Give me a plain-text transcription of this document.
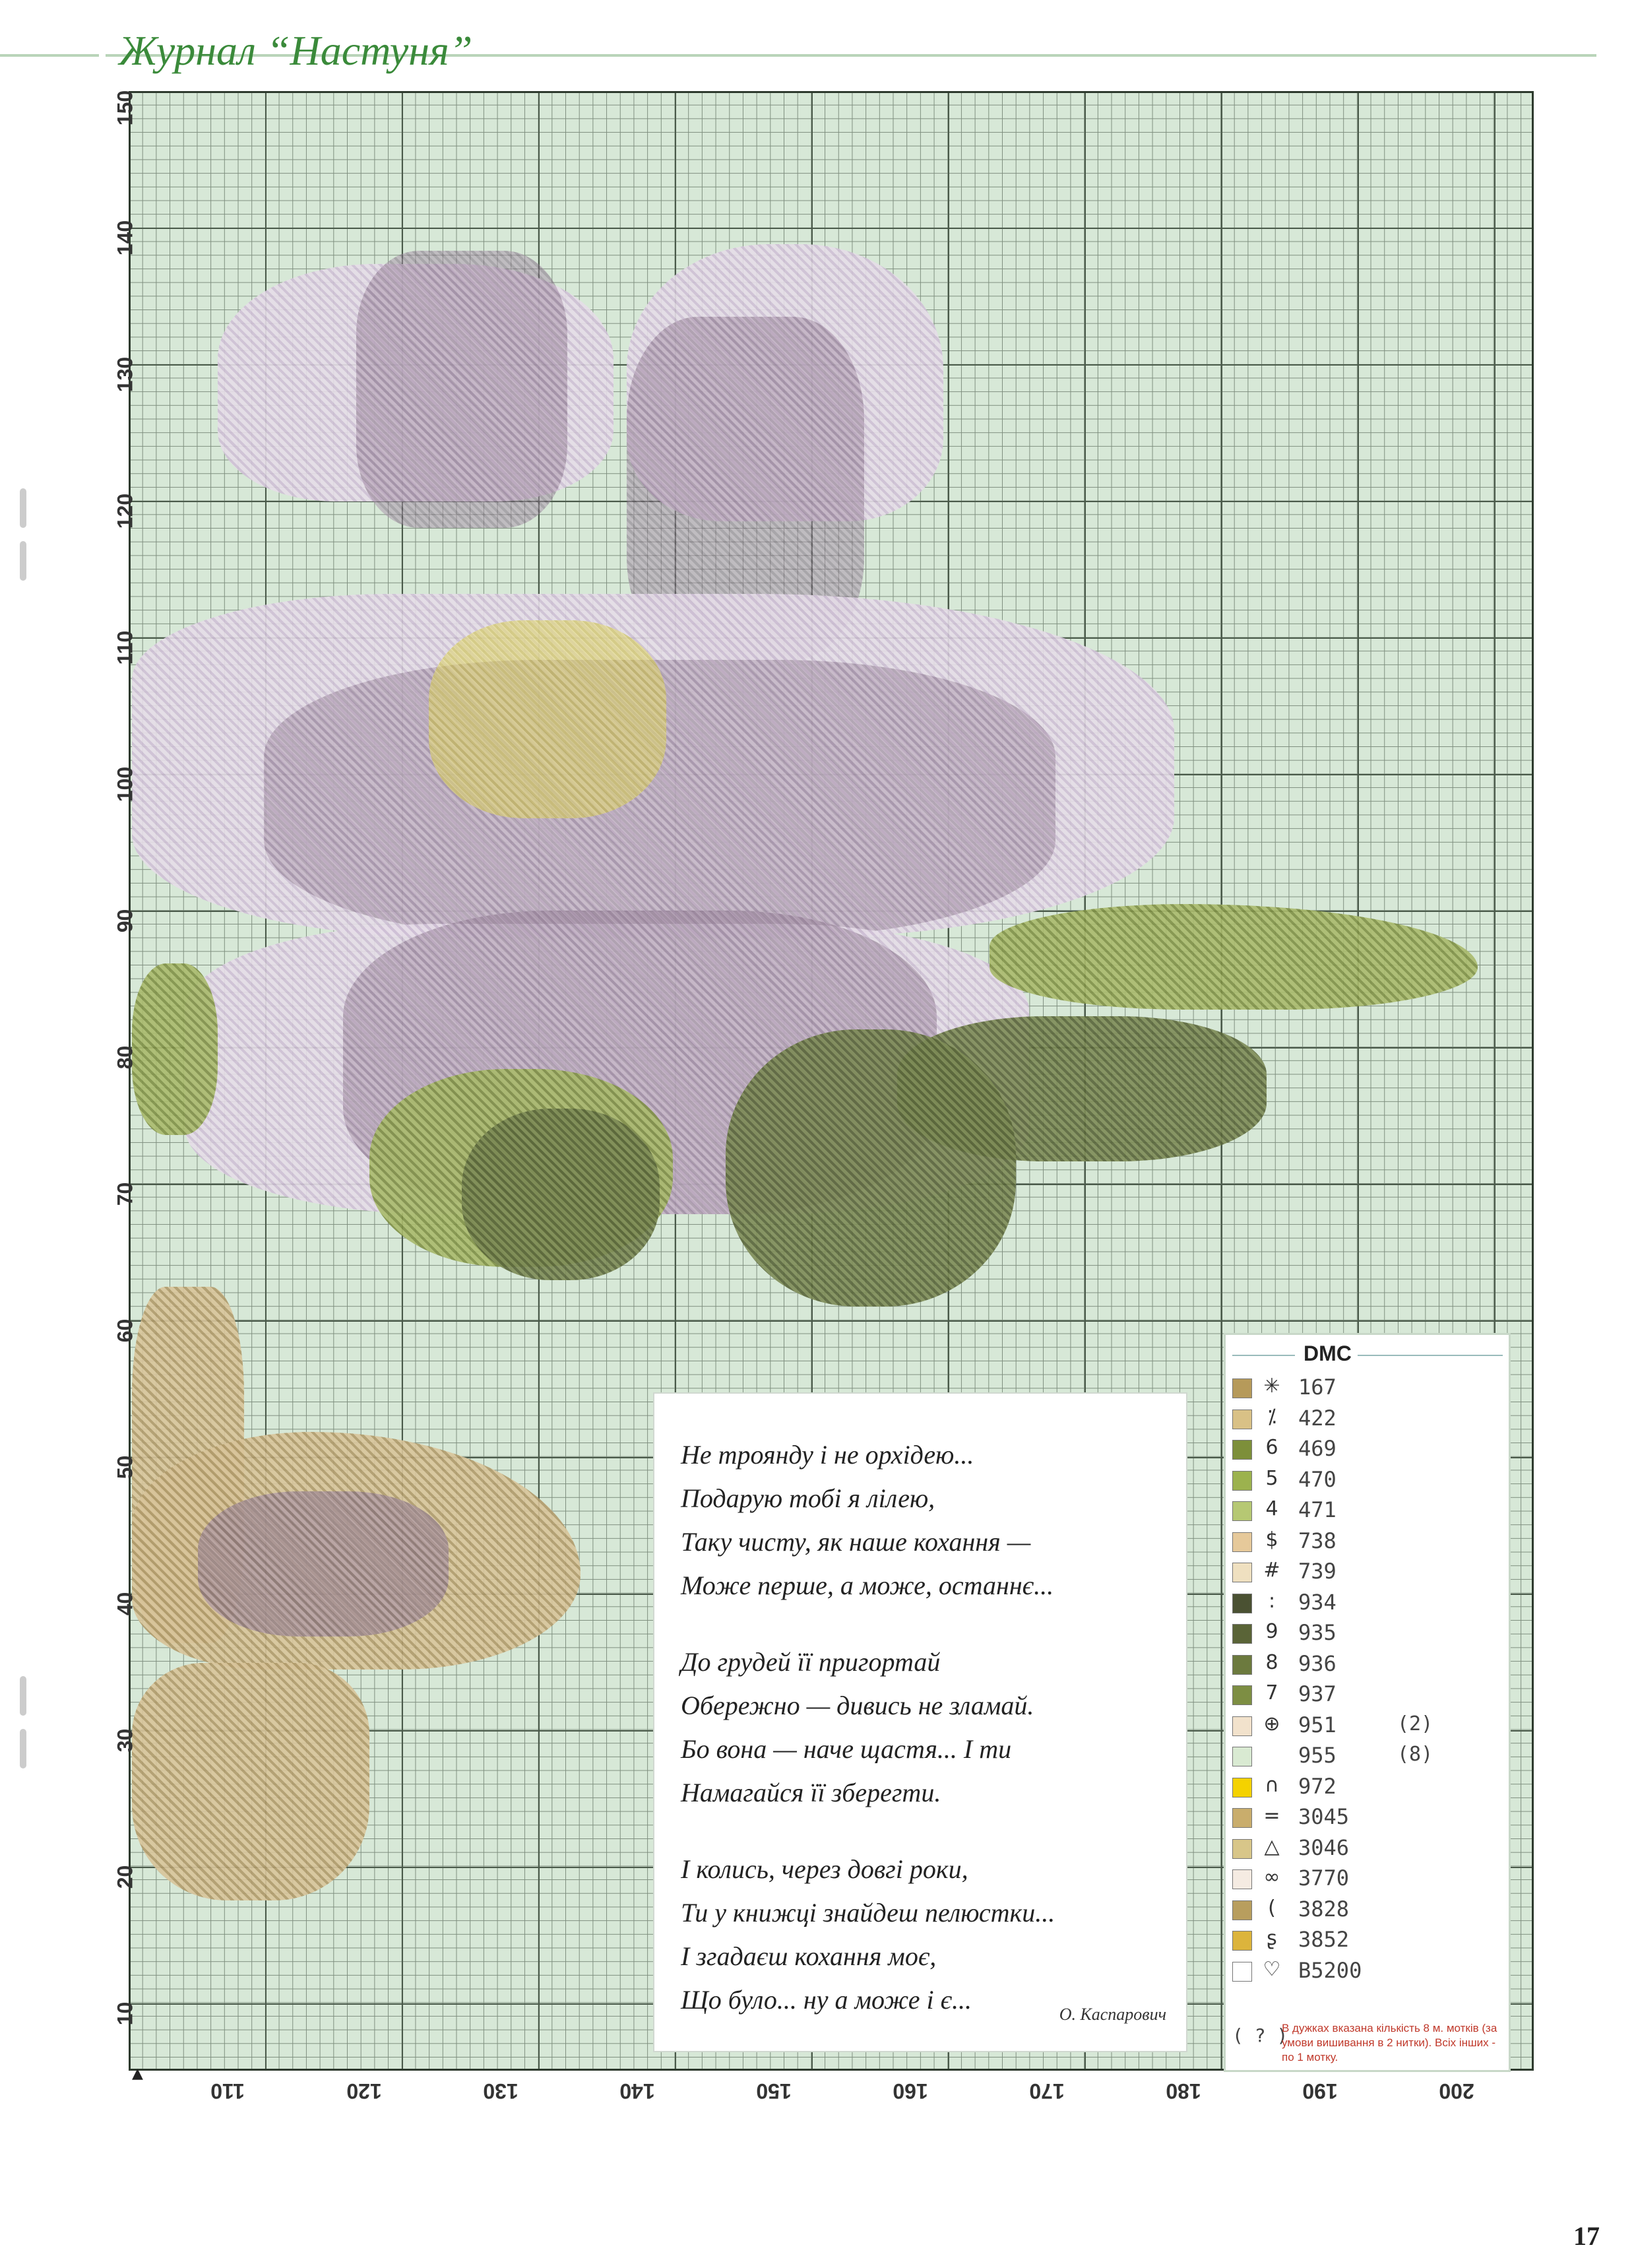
Журнал “Настуня”
150
140
130
120
110
100
90
80
70
60
50
40
30
20
10
110	120	130	140	150	160	170	180	190	200
▲
Не троянду і не орхідею...
Подарую тобі я лілею,
Таку чисту, як наше кохання —
Може перше, а може, останнє...
До грудей її пригортай
Обережно — дивись не зламай.
Бо вона — наче щастя... І ти
Намагайся її зберегти.
І колись, через довгі роки,
Ти у книжці знайдеш пелюстки...
І згадаєш кохання моє,
Що було... ну а може і є...	О. Каспарович
DMC
✳ 167
⁒	422
6 469
5 470
4 471
$ 738
# 739
:	934
9 935
8 936
7 937
⊕ 951	(2)
955	(8)
∩ 972
= 3045
△ 3046
∞ 3770
(	3828
ʂ	3852
♡ B5200
( ? )
В дужках вказана кількість 8 м. мотків (за умови вишивання в 2 нитки). Всіх інших - по 1 мотку.
17
